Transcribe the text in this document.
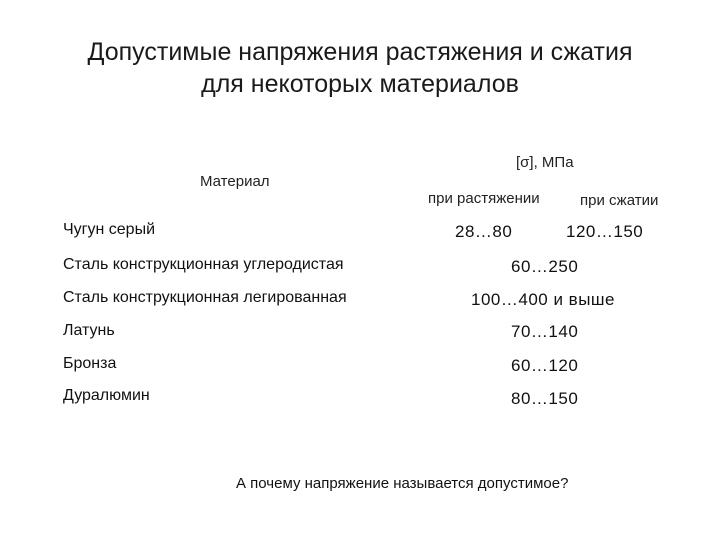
Допустимые напряжения растяжения и сжатия
для некоторых материалов
Материал
[σ], МПа
при растяжении	при сжатии
Чугун серый	28…80	120…150
Сталь конструкционная углеродистая	60…250
Сталь конструкционная легированная	100…400 и выше
Латунь	70…140
Бронза	60…120
Дуралюмин	80…150
А почему напряжение называется допустимое?
